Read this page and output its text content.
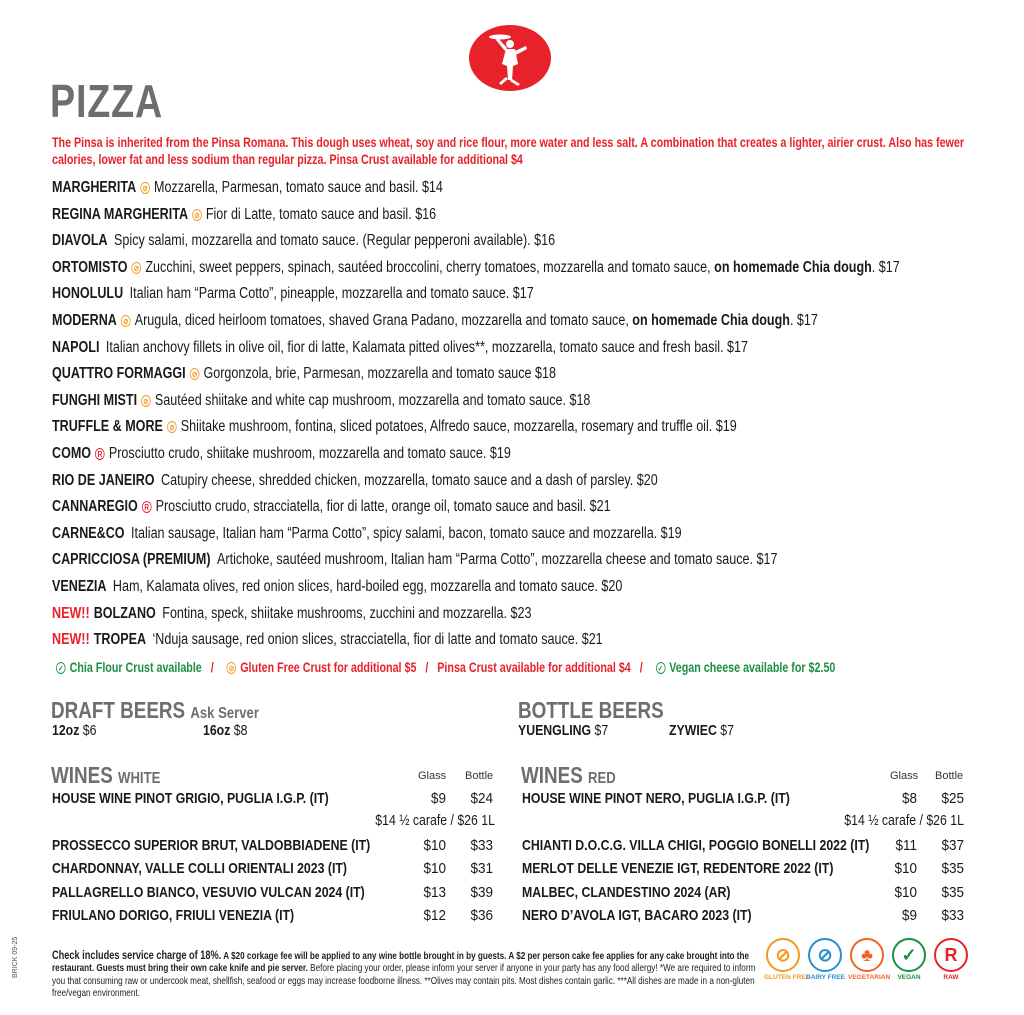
PIZZA
The Pinsa is inherited from the Pinsa Romana. This dough uses wheat, soy and rice flour, more water and less salt. A combination that creates a lighter, airier crust. Also has fewer calories, lower fat and less sodium than regular pizza. Pinsa Crust available for additional $4
MARGHERITA ⊘ Mozzarella, Parmesan, tomato sauce and basil. $14
REGINA MARGHERITA ⊘ Fior di Latte, tomato sauce and basil. $16
DIAVOLA Spicy salami, mozzarella and tomato sauce. (Regular pepperoni available). $16
ORTOMISTO ⊘ Zucchini, sweet peppers, spinach, sautéed broccolini, cherry tomatoes, mozzarella and tomato sauce, on homemade Chia dough. $17
HONOLULU Italian ham “Parma Cotto”, pineapple, mozzarella and tomato sauce. $17
MODERNA ⊘ Arugula, diced heirloom tomatoes, shaved Grana Padano, mozzarella and tomato sauce, on homemade Chia dough. $17
NAPOLI Italian anchovy fillets in olive oil, fior di latte, Kalamata pitted olives**, mozzarella, tomato sauce and fresh basil. $17
QUATTRO FORMAGGI ⊘ Gorgonzola, brie, Parmesan, mozzarella and tomato sauce $18
FUNGHI MISTI ⊘ Sautéed shiitake and white cap mushroom, mozzarella and tomato sauce. $18
TRUFFLE & MORE ⊘ Shiitake mushroom, fontina, sliced potatoes, Alfredo sauce, mozzarella, rosemary and truffle oil. $19
COMO R Prosciutto crudo, shiitake mushroom, mozzarella and tomato sauce. $19
RIO DE JANEIRO Catupiry cheese, shredded chicken, mozzarella, tomato sauce and a dash of parsley. $20
CANNAREGIO R Prosciutto crudo, stracciatella, fior di latte, orange oil, tomato sauce and basil. $21
CARNE&CO Italian sausage, Italian ham “Parma Cotto”, spicy salami, bacon, tomato sauce and mozzarella. $19
CAPRICCIOSA (PREMIUM) Artichoke, sautéed mushroom, Italian ham “Parma Cotto”, mozzarella cheese and tomato sauce. $17
VENEZIA Ham, Kalamata olives, red onion slices, hard-boiled egg, mozzarella and tomato sauce. $20
NEW!! BOLZANO Fontina, speck, shiitake mushrooms, zucchini and mozzarella. $23
NEW!! TROPEA ‘Nduja sausage, red onion slices, stracciatella, fior di latte and tomato sauce. $21
✓ Chia Flour Crust available / ⊘ Gluten Free Crust for additional $5 / Pinsa Crust available for additional $4 / ✓ Vegan cheese available for $2.50
DRAFT BEERS Ask Server
12oz $6	16oz $8
BOTTLE BEERS
YUENGLING $7	ZYWIEC $7
WINES WHITE	Glass Bottle
HOUSE WINE PINOT GRIGIO, PUGLIA I.G.P. (IT)	$9	$24
PROSSECCO SUPERIOR BRUT, VALDOBBIADENE (IT)	$10	$33
CHARDONNAY, VALLE COLLI ORIENTALI 2023 (IT)	$10	$31
PALLAGRELLO BIANCO, VESUVIO VULCAN 2024 (IT)	$13	$39
FRIULANO DORIGO, FRIULI VENEZIA (IT)	$12	$36
$14 ½ carafe / $26 1L
WINES RED	Glass Bottle
HOUSE WINE PINOT NERO, PUGLIA I.G.P. (IT)	$8	$25
CHIANTI D.O.C.G. VILLA CHIGI, POGGIO BONELLI 2022 (IT)	$11	$37
MERLOT DELLE VENEZIE IGT, REDENTORE 2022 (IT)	$10	$35
MALBEC, CLANDESTINO 2024 (AR)	$10	$35
NERO D’AVOLA IGT, BACARO 2023 (IT)	$9	$33
$14 ½ carafe / $26 1L
BRICK 09-25	Check includes service charge of 18%. A $20 corkage fee will be applied to any wine bottle brought in by guests. A $2 per person cake fee applies for any cake brought into the restaurant. Guests must bring their own cake knife and pie server. Before placing your order, please inform your server if anyone in your party has any food allergy! *We are required to inform you that consuming raw or undercook meat, shellfish, seafood or eggs may increase foodborne illness. **Olives may contain pits. Most dishes contain garlic. ***All dishes are made in a non-gluten free/vegan environment.
⊘
GLUTEN FREE
⊘
DAIRY FREE
♣
VEGETARIAN
✓
VEGAN
R
RAW
